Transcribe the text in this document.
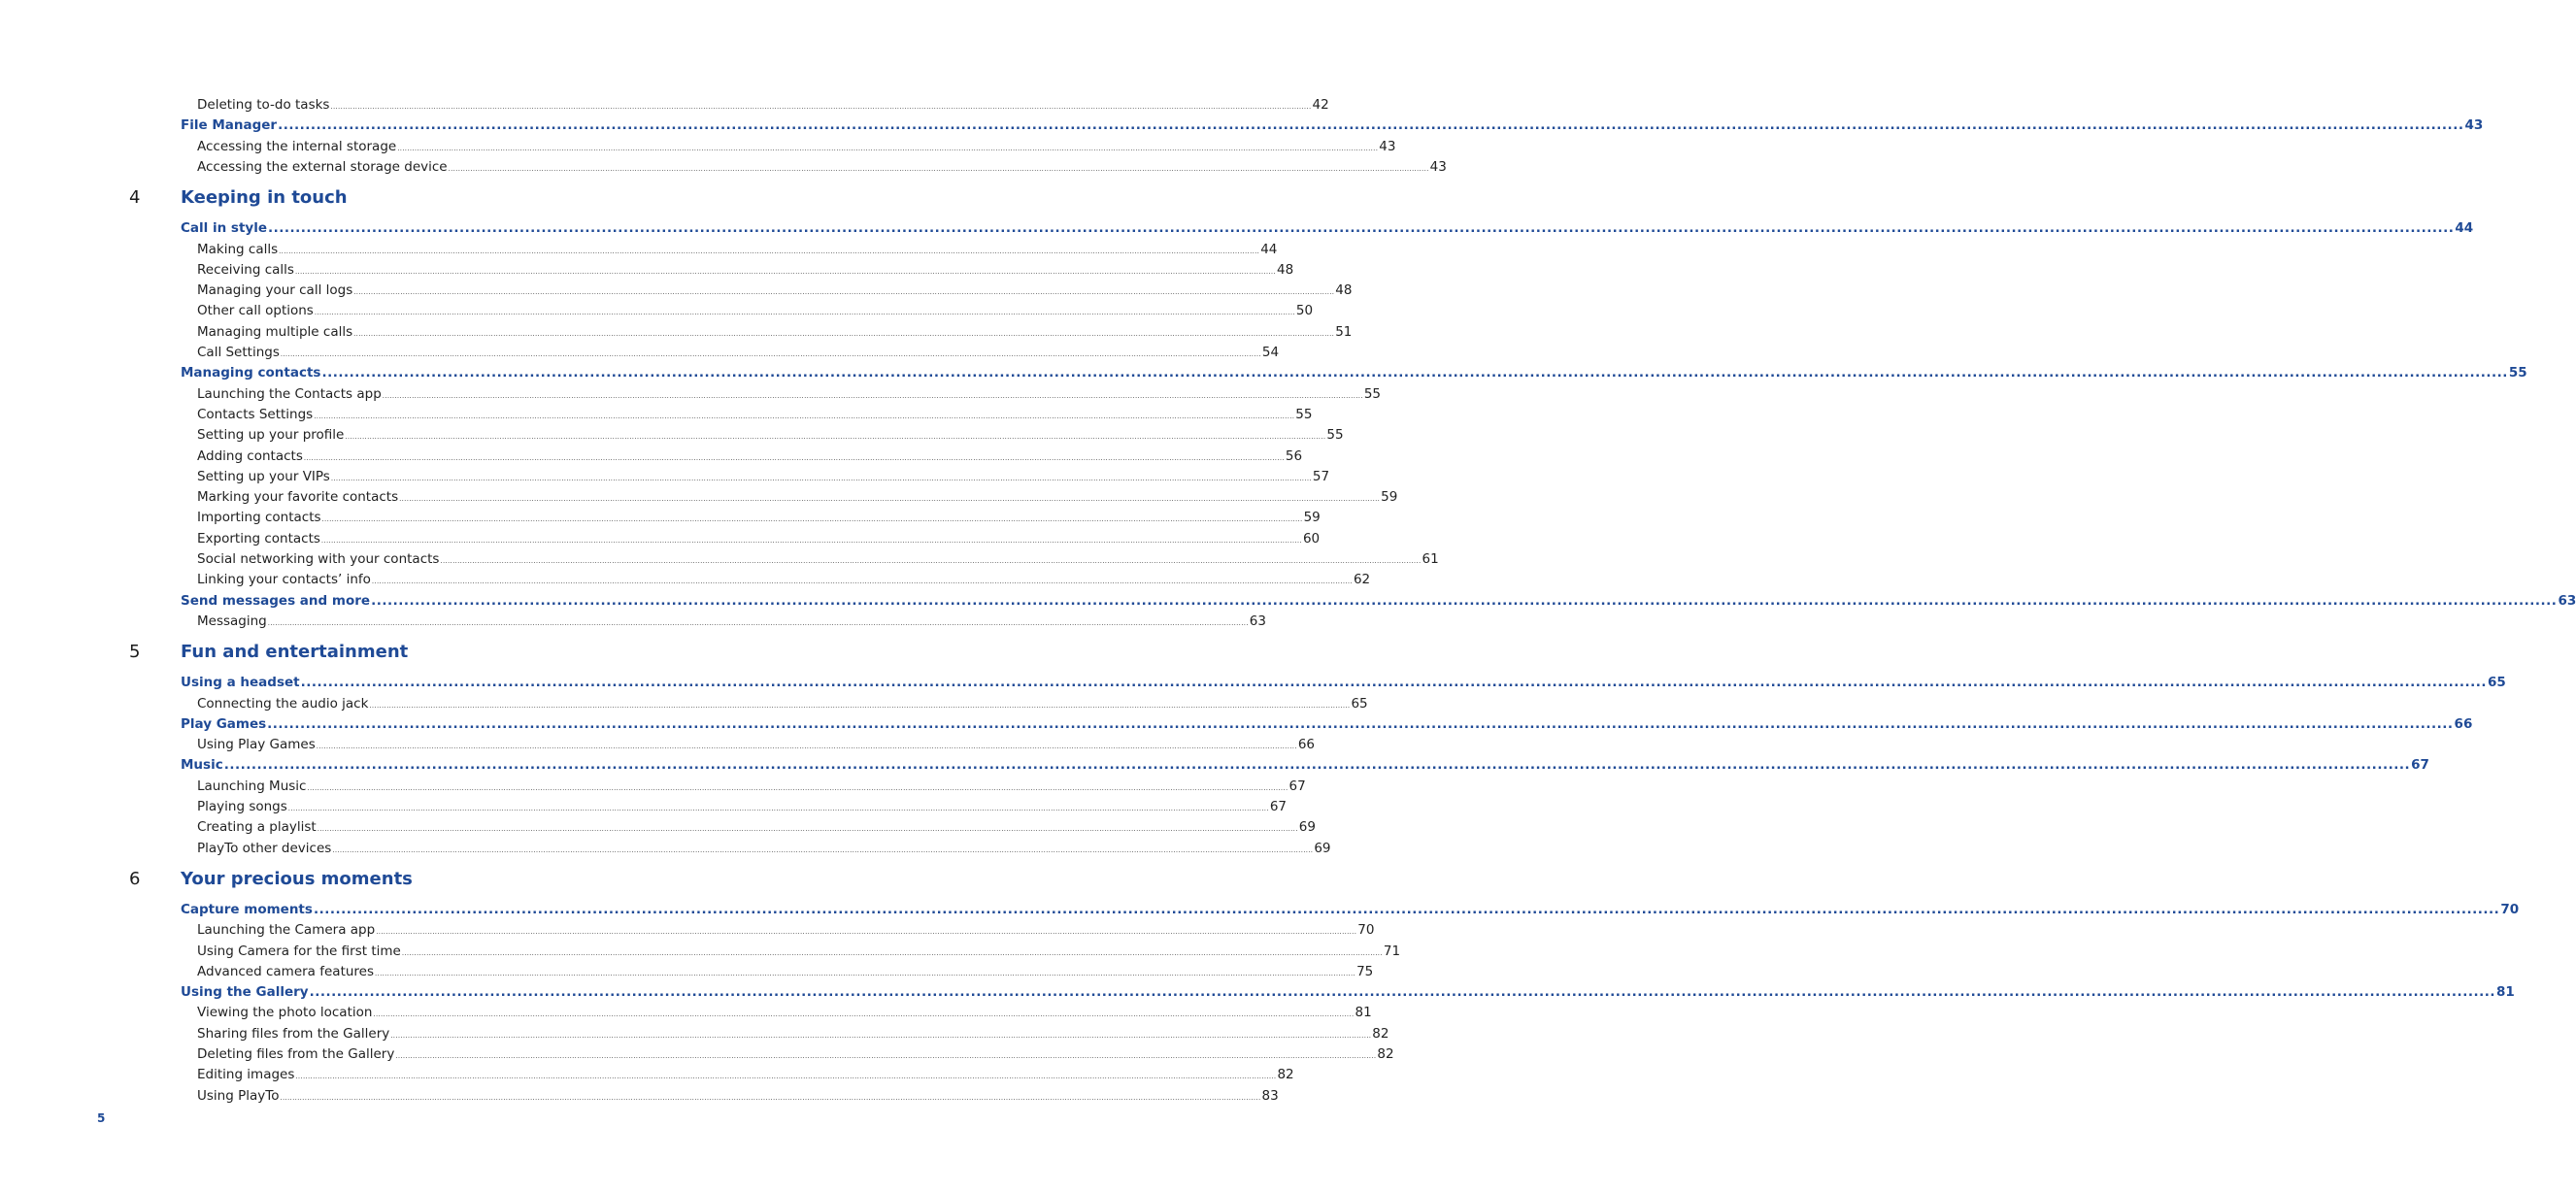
Deleting to-do tasks ................................................................................................................................................................................................................................................................................................................................................................................................................ 42
File Manager ................................................................................................................................................................................................................................................................................................................................................................................................................ 43
Accessing the internal storage ................................................................................................................................................................................................................................................................................................................................................................................................................ 43
Accessing the external storage device ................................................................................................................................................................................................................................................................................................................................................................................................................ 43
4 Keeping in touch
Call in style ................................................................................................................................................................................................................................................................................................................................................................................................................ 44
Making calls ................................................................................................................................................................................................................................................................................................................................................................................................................ 44
Receiving calls ................................................................................................................................................................................................................................................................................................................................................................................................................ 48
Managing your call logs ................................................................................................................................................................................................................................................................................................................................................................................................................ 48
Other call options ................................................................................................................................................................................................................................................................................................................................................................................................................ 50
Managing multiple calls ................................................................................................................................................................................................................................................................................................................................................................................................................ 51
Call Settings ................................................................................................................................................................................................................................................................................................................................................................................................................ 54
Managing contacts ................................................................................................................................................................................................................................................................................................................................................................................................................ 55
Launching the Contacts app ................................................................................................................................................................................................................................................................................................................................................................................................................ 55
Contacts Settings ................................................................................................................................................................................................................................................................................................................................................................................................................ 55
Setting up your profile ................................................................................................................................................................................................................................................................................................................................................................................................................ 55
Adding contacts ................................................................................................................................................................................................................................................................................................................................................................................................................ 56
Setting up your VIPs ................................................................................................................................................................................................................................................................................................................................................................................................................ 57
Marking your favorite contacts ................................................................................................................................................................................................................................................................................................................................................................................................................ 59
Importing contacts ................................................................................................................................................................................................................................................................................................................................................................................................................ 59
Exporting contacts ................................................................................................................................................................................................................................................................................................................................................................................................................ 60
Social networking with your contacts ................................................................................................................................................................................................................................................................................................................................................................................................................ 61
Linking your contacts’ info ................................................................................................................................................................................................................................................................................................................................................................................................................ 62
Send messages and more ................................................................................................................................................................................................................................................................................................................................................................................................................ 63
Messaging ................................................................................................................................................................................................................................................................................................................................................................................................................ 63
5 Fun and entertainment
Using a headset ................................................................................................................................................................................................................................................................................................................................................................................................................ 65
Connecting the audio jack ................................................................................................................................................................................................................................................................................................................................................................................................................ 65
Play Games ................................................................................................................................................................................................................................................................................................................................................................................................................ 66
Using Play Games ................................................................................................................................................................................................................................................................................................................................................................................................................ 66
Music ................................................................................................................................................................................................................................................................................................................................................................................................................ 67
Launching Music ................................................................................................................................................................................................................................................................................................................................................................................................................ 67
Playing songs ................................................................................................................................................................................................................................................................................................................................................................................................................ 67
Creating a playlist ................................................................................................................................................................................................................................................................................................................................................................................................................ 69
PlayTo other devices ................................................................................................................................................................................................................................................................................................................................................................................................................ 69
6 Your precious moments
Capture moments ................................................................................................................................................................................................................................................................................................................................................................................................................ 70
Launching the Camera app ................................................................................................................................................................................................................................................................................................................................................................................................................ 70
Using Camera for the first time ................................................................................................................................................................................................................................................................................................................................................................................................................ 71
Advanced camera features ................................................................................................................................................................................................................................................................................................................................................................................................................ 75
Using the Gallery ................................................................................................................................................................................................................................................................................................................................................................................................................ 81
Viewing the photo location ................................................................................................................................................................................................................................................................................................................................................................................................................ 81
Sharing files from the Gallery ................................................................................................................................................................................................................................................................................................................................................................................................................ 82
Deleting files from the Gallery ................................................................................................................................................................................................................................................................................................................................................................................................................ 82
Editing images ................................................................................................................................................................................................................................................................................................................................................................................................................ 82
Using PlayTo ................................................................................................................................................................................................................................................................................................................................................................................................................ 83
5
